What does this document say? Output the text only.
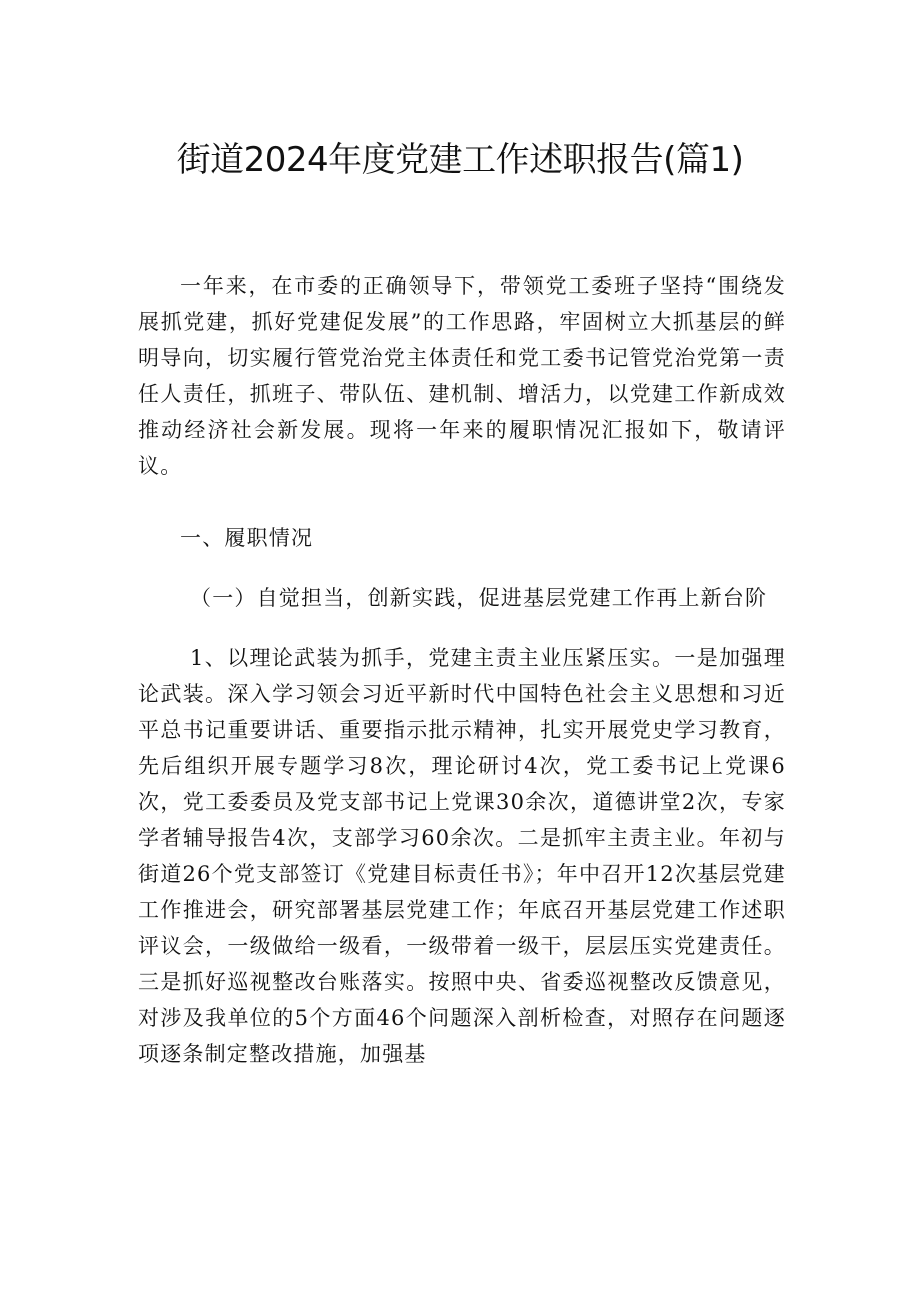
街道2024年度党建工作述职报告(篇1)

一年来，在市委的正确领导下，带领党工委班子坚持“围绕发展抓党建，抓好党建促发展”的工作思路，牢固树立大抓基层的鲜明导向，切实履行管党治党主体责任和党工委书记管党治党第一责任人责任，抓班子、带队伍、建机制、增活力，以党建工作新成效推动经济社会新发展。现将一年来的履职情况汇报如下，敬请评议。

一、履职情况

（一）自觉担当，创新实践，促进基层党建工作再上新台阶

1、以理论武装为抓手，党建主责主业压紧压实。一是加强理论武装。深入学习领会习近平新时代中国特色社会主义思想和习近平总书记重要讲话、重要指示批示精神，扎实开展党史学习教育，先后组织开展专题学习8次，理论研讨4次，党工委书记上党课6次，党工委委员及党支部书记上党课30余次，道德讲堂2次，专家学者辅导报告4次，支部学习60余次。二是抓牢主责主业。年初与街道26个党支部签订《党建目标责任书》；年中召开12次基层党建工作推进会，研究部署基层党建工作；年底召开基层党建工作述职评议会，一级做给一级看，一级带着一级干，层层压实党建责任。三是抓好巡视整改台账落实。按照中央、省委巡视整改反馈意见，对涉及我单位的5个方面46个问题深入剖析检查，对照存在问题逐项逐条制定整改措施，加强基
